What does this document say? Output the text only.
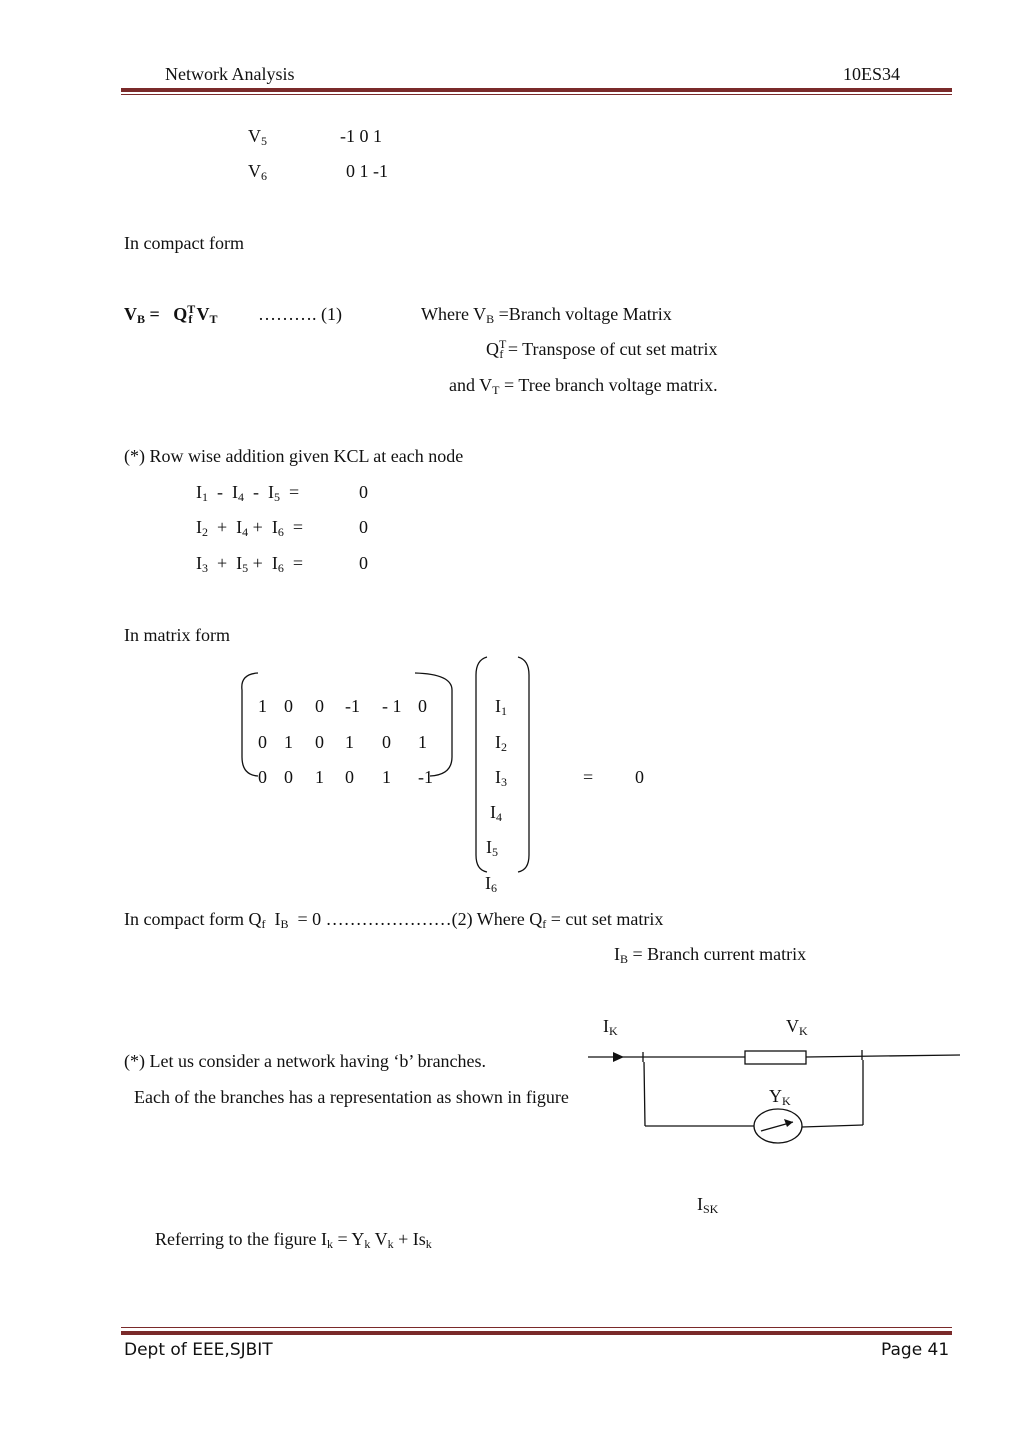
Network Analysis	10ES34
$V_5$	-1 0 1
$V_6$	0 1 -1
In compact form
$V_B = Q^T_f$ $V_T$ ………. (1)	Where $V_B$ =Branch voltage Matrix
$Q^T_f$ = Transpose of cut set matrix
and $V_T$ = Tree branch voltage matrix.
(*) Row wise addition given KCL at each node
$I_1 - I_4 - I_5$  =	0
$I_2 + I_4 + I_6$  =	0
$I_3 + I_5 + I_6$  =	0
In matrix form
1 0 0 -1 - 1 0
0 1 0 1 0 1
0 0 1 0 1 -1
$I_1$
$I_2$
$I_3$
$I_4$
$I_5$
$I_6$
= 0
In compact form $Q_f$ $I_B = 0$ …………………(2) Where $Q_f$ = cut set matrix
$I_B$ = Branch current matrix
(*) Let us consider a network having ‘b’ branches.
Each of the branches has a representation as shown in figure
$I_K$	$V_K$
$Y_K$
$I_{SK}$
Referring to the figure $I_k = Y_k$ $V_k + Is_k$
Dept of EEE,SJBIT	Page 41
